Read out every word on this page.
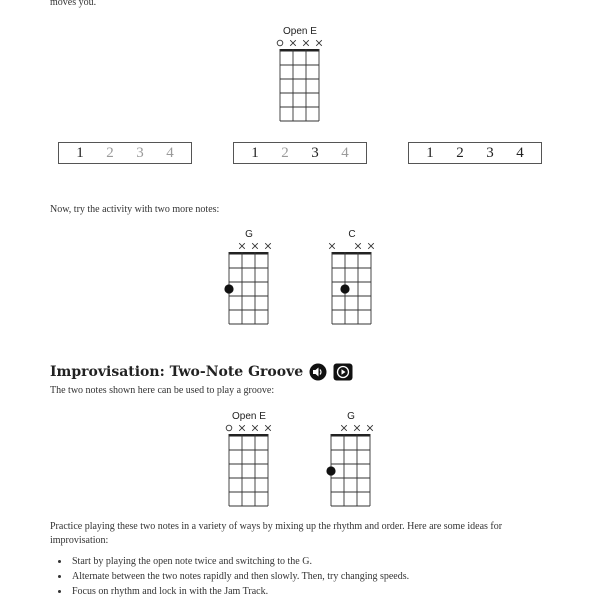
moves you.
Open E
1	2	3	4	1	2	3	4	1	2	3	4
Now, try the activity with two more notes:
G	C
Improvisation: Two-Note Groove
The two notes shown here can be used to play a groove:
Open E	G
Practice playing these two notes in a variety of ways by mixing up the rhythm and order. Here are some ideas for improvisation:
• Start by playing the open note twice and switching to the G.
• Alternate between the two notes rapidly and then slowly. Then, try changing speeds.
• Focus on rhythm and lock in with the Jam Track.
